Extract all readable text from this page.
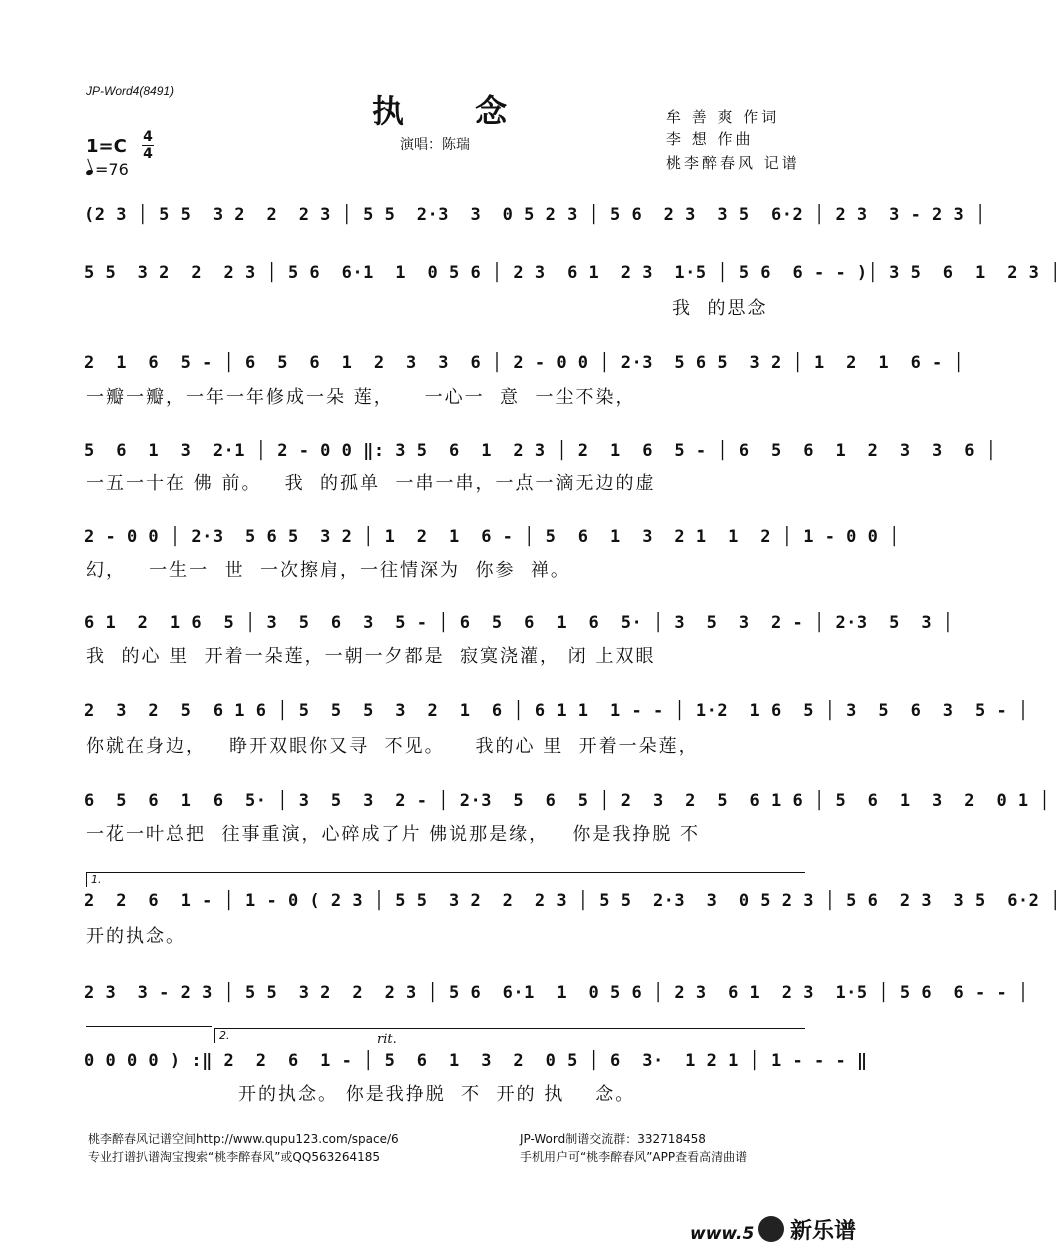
JP-Word4(8491)
执 念
演唱：陈瑞
牟 善 爽 作词
李 想 作曲
桃李醉春风 记谱
1=C 4
4
=76
(2 3 │ 5 5  3 2  2  2 3 │ 5 5  2·3  3  0 5 2 3 │ 5 6  2 3  3 5  6·2 │ 2 3  3 - 2 3 │
5 5  3 2  2  2 3 │ 5 6  6·1  1  0 5 6 │ 2 3  6 1  2 3  1·5 │ 5 6  6 - - )│ 3 5  6  1  2 3 │
我  的思念
2  1  6  5 - │ 6  5  6  1  2  3  3  6 │ 2 - 0 0 │ 2·3  5 6 5  3 2 │ 1  2  1  6 - │
一瓣一瓣，一年一年修成一朵 莲，    一心一  意  一尘不染，
5  6  1  3  2·1 │ 2 - 0 0 ‖: 3 5  6  1  2 3 │ 2  1  6  5 - │ 6  5  6  1  2  3  3  6 │
一五一十在 佛 前。   我  的孤单  一串一串，一点一滴无边的虚
2 - 0 0 │ 2·3  5 6 5  3 2 │ 1  2  1  6 - │ 5  6  1  3  2 1  1  2 │ 1 - 0 0 │
幻，   一生一  世  一次擦肩，一往情深为  你参  禅。
6 1  2  1 6  5 │ 3  5  6  3  5 - │ 6  5  6  1  6  5· │ 3  5  3  2 - │ 2·3  5  3 │
我  的心 里  开着一朵莲，一朝一夕都是  寂寞浇灌， 闭 上双眼
2  3  2  5  6 1 6 │ 5  5  5  3  2  1  6 │ 6 1 1  1 - - │ 1·2  1 6  5 │ 3  5  6  3  5 - │
你就在身边，   睁开双眼你又寻  不见。    我的心 里  开着一朵莲，
6  5  6  1  6  5· │ 3  5  3  2 - │ 2·3  5  6  5 │ 2  3  2  5  6 1 6 │ 5  6  1  3  2  0 1 │
一花一叶总把  往事重演，心碎成了片 佛说那是缘，   你是我挣脱 不
1.
2  2  6  1 - │ 1 - 0 ( 2 3 │ 5 5  3 2  2  2 3 │ 5 5  2·3  3  0 5 2 3 │ 5 6  2 3  3 5  6·2 │
开的执念。
2 3  3 - 2 3 │ 5 5  3 2  2  2 3 │ 5 6  6·1  1  0 5 6 │ 2 3  6 1  2 3  1·5 │ 5 6  6 - - │
2.	rit.
0 0 0 0 ) :‖ 2  2  6  1 - │ 5  6  1  3  2  0 5 │ 6  3·  1 2 1 │ 1 - - - ‖
开的执念。 你是我挣脱  不  开的 执    念。
桃李醉春风记谱空间http://www.qupu123.com/space/6
专业打谱扒谱淘宝搜索“桃李醉春风”或QQ563264185
JP-Word制谱交流群：332718458
手机用户可“桃李醉春风”APP查看高清曲谱
www.5 新乐谱
